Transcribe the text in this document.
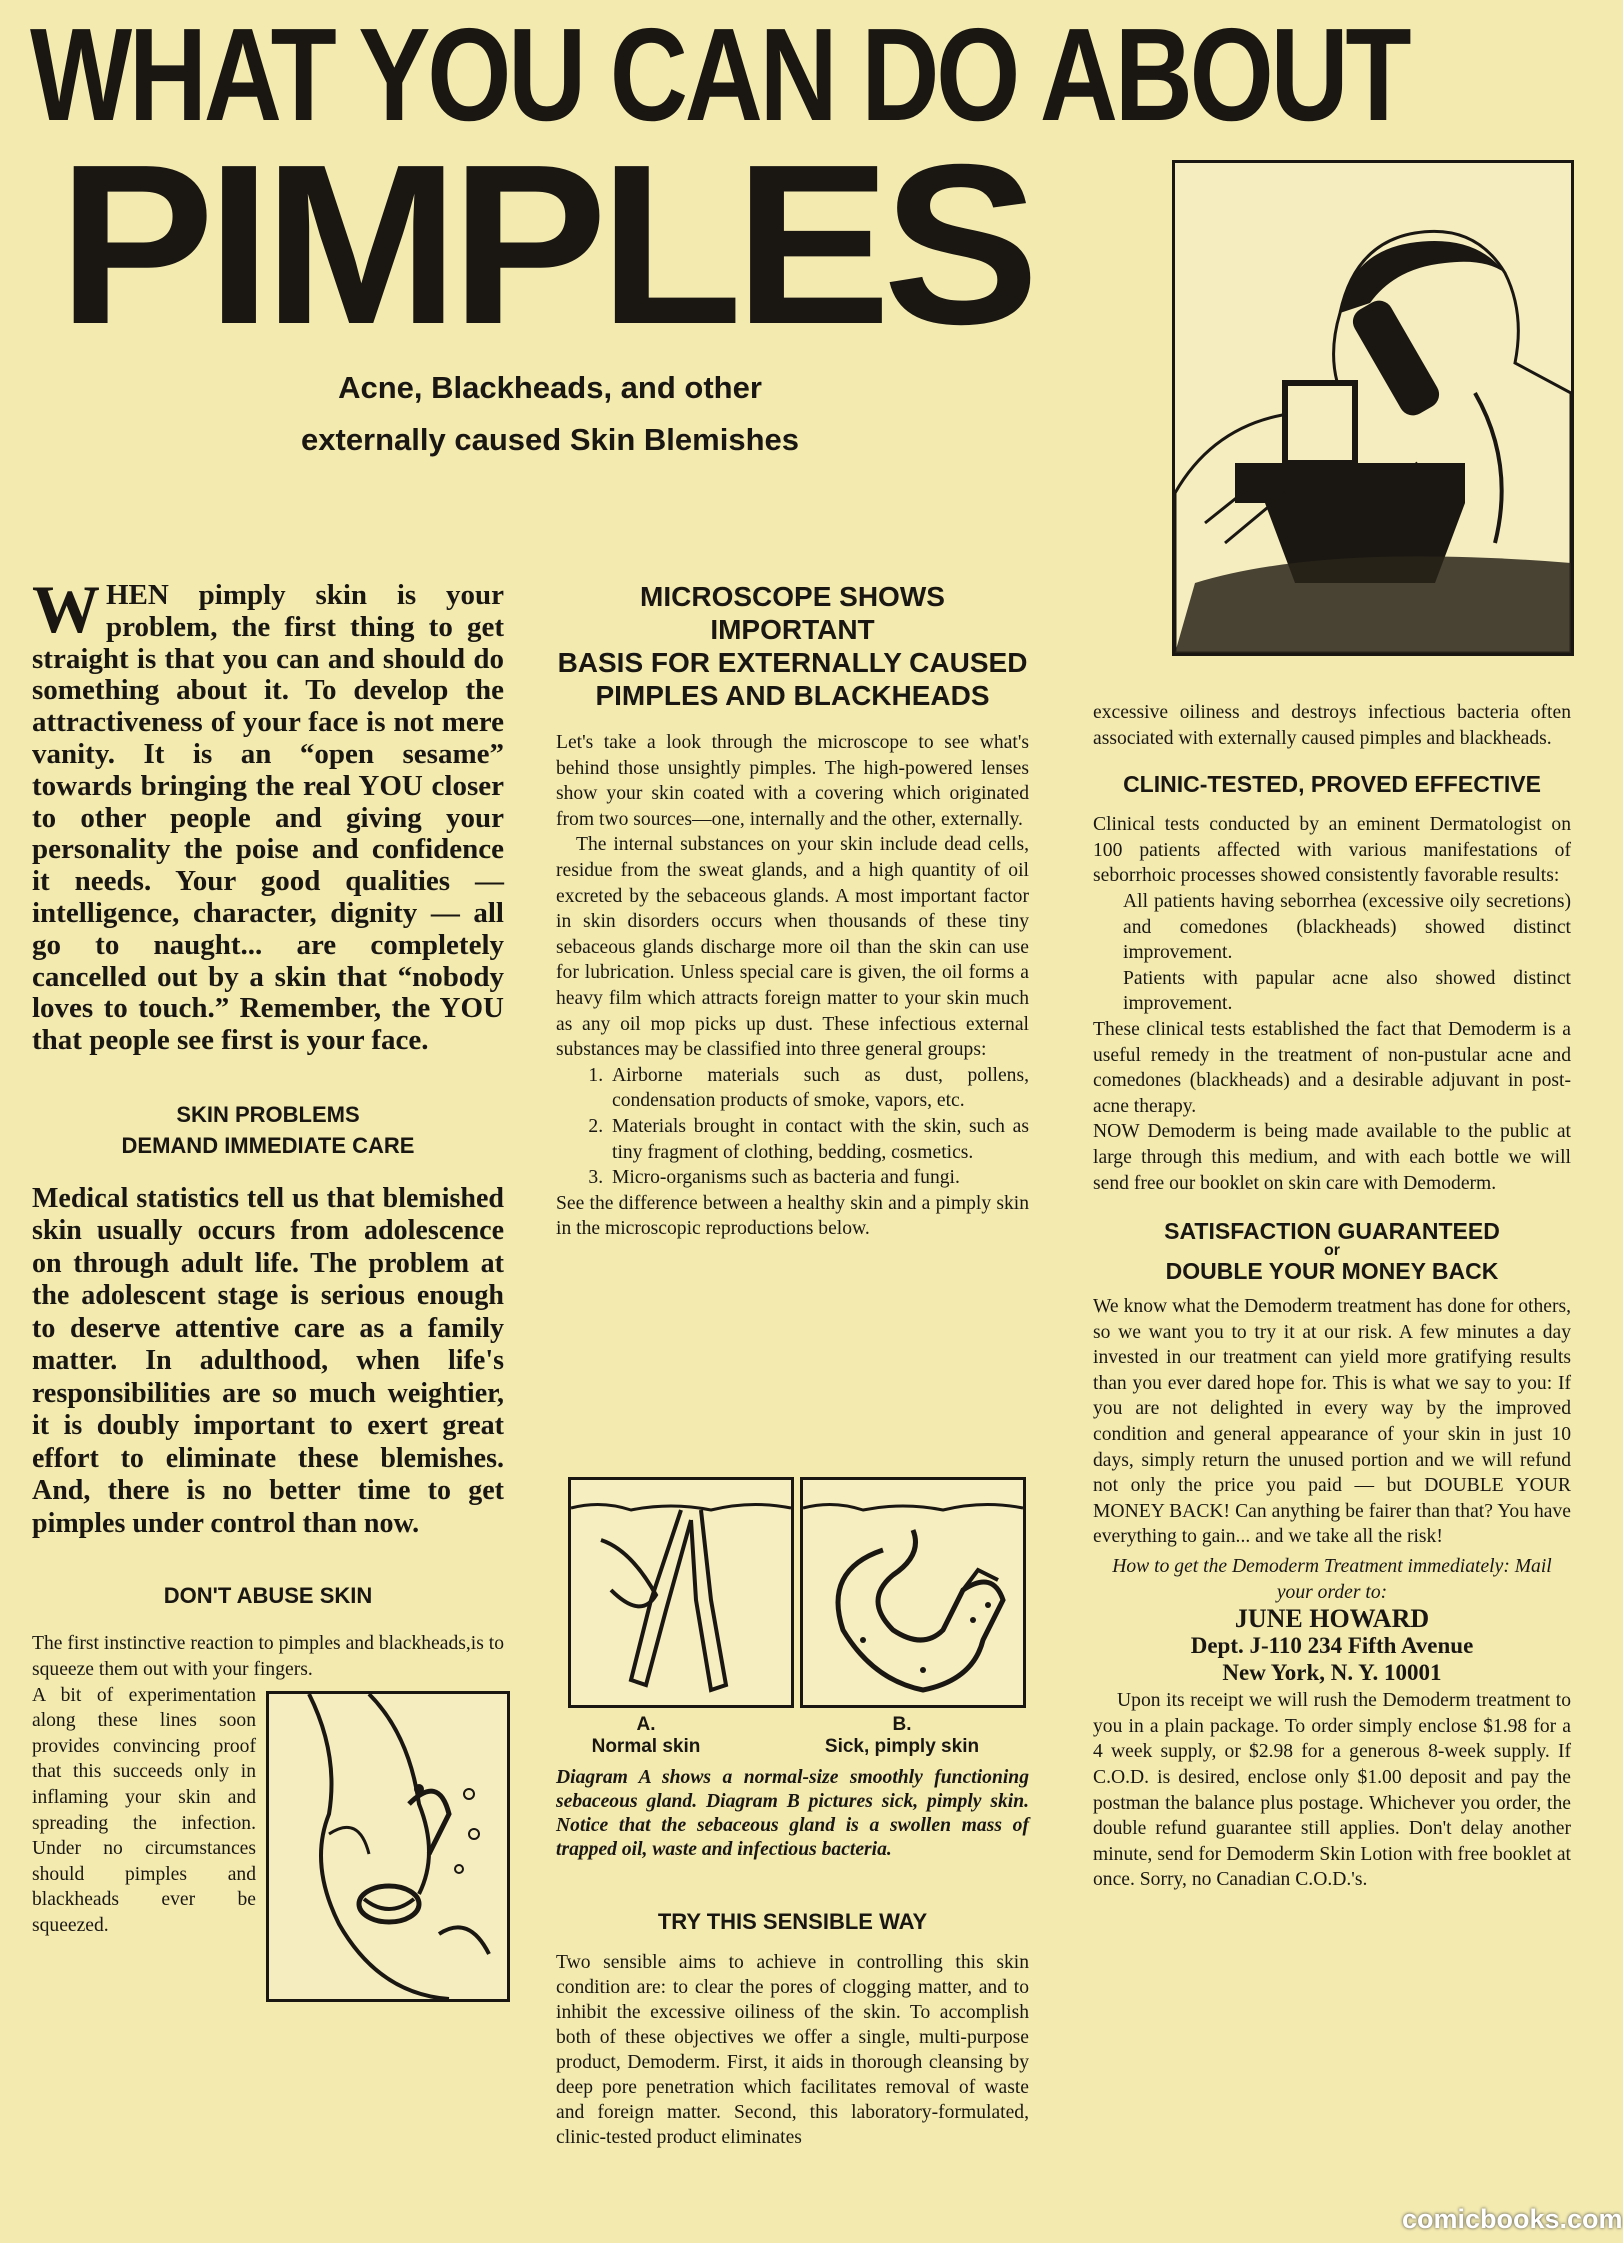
WHAT YOU CAN DO ABOUT
PIMPLES
Acne, Blackheads, and other
externally caused Skin Blemishes
WHEN pimply skin is your problem, the first thing to get straight is that you can and should do something about it. To develop the attractiveness of your face is not mere vanity. It is an “open sesame” towards bringing the real YOU closer to other people and giving your personality the poise and confidence it needs. Your good qualities — intelligence, character, dignity — all go to naught... are completely cancelled out by a skin that “nobody loves to touch.” Remember, the YOU that people see first is your face.
SKIN PROBLEMS
DEMAND IMMEDIATE CARE
Medical statistics tell us that blemished skin usually occurs from adolescence on through adult life. The problem at the adolescent stage is serious enough to deserve attentive care as a family matter. In adulthood, when life's responsibilities are so much weightier, it is doubly important to exert great effort to eliminate these blemishes. And, there is no better time to get pimples under control than now.
DON'T ABUSE SKIN
The first instinctive reaction to pimples and blackheads,is to squeeze them out with your fingers.
A bit of experimentation along these lines soon provides convincing proof that this succeeds only in inflaming your skin and spreading the infection. Under no circumstances should pimples and blackheads ever be squeezed.
MICROSCOPE SHOWS IMPORTANT
BASIS FOR EXTERNALLY CAUSED
PIMPLES AND BLACKHEADS
Let's take a look through the microscope to see what's behind those unsightly pimples. The high-powered lenses show your skin coated with a covering which originated from two sources—one, internally and the other, externally.
The internal substances on your skin include dead cells, residue from the sweat glands, and a high quantity of oil excreted by the sebaceous glands. A most important factor in skin disorders occurs when thousands of these tiny sebaceous glands discharge more oil than the skin can use for lubrication. Unless special care is given, the oil forms a heavy film which attracts foreign matter to your skin much as any oil mop picks up dust. These infectious external substances may be classified into three general groups:
1. Airborne materials such as dust, pollens, condensation products of smoke, vapors, etc.
2. Materials brought in contact with the skin, such as tiny fragment of clothing, bedding, cosmetics.
3. Micro-organisms such as bacteria and fungi.
See the difference between a healthy skin and a pimply skin in the microscopic reproductions below.
A.
Normal skin
B.
Sick, pimply skin
Diagram A shows a normal-size smoothly functioning sebaceous gland. Diagram B pictures sick, pimply skin. Notice that the sebaceous gland is a swollen mass of trapped oil, waste and infectious bacteria.
TRY THIS SENSIBLE WAY
Two sensible aims to achieve in controlling this skin condition are: to clear the pores of clogging matter, and to inhibit the excessive oiliness of the skin. To accomplish both of these objectives we offer a single, multi-purpose product, Demoderm. First, it aids in thorough cleansing by deep pore penetration which facilitates removal of waste and foreign matter. Second, this laboratory-formulated, clinic-tested product eliminates
excessive oiliness and destroys infectious bacteria often associated with externally caused pimples and blackheads.
CLINIC-TESTED, PROVED EFFECTIVE
Clinical tests conducted by an eminent Dermatologist on 100 patients affected with various manifestations of seborrhoic processes showed consistently favorable results:
All patients having seborrhea (excessive oily secretions) and comedones (blackheads) showed distinct improvement.
Patients with papular acne also showed distinct improvement.
These clinical tests established the fact that Demoderm is a useful remedy in the treatment of non-pustular acne and comedones (blackheads) and a desirable adjuvant in post-acne therapy.
NOW Demoderm is being made available to the public at large through this medium, and with each bottle we will send free our booklet on skin care with Demoderm.
SATISFACTION GUARANTEED
or
DOUBLE YOUR MONEY BACK
We know what the Demoderm treatment has done for others, so we want you to try it at our risk. A few minutes a day invested in our treatment can yield more gratifying results than you ever dared hope for. This is what we say to you: If you are not delighted in every way by the improved condition and general appearance of your skin in just 10 days, simply return the unused portion and we will refund not only the price you paid — but DOUBLE YOUR MONEY BACK! Can anything be fairer than that? You have everything to gain... and we take all the risk!
How to get the Demoderm Treatment immediately: Mail your order to:
JUNE HOWARD
Dept. J-110 234 Fifth Avenue
New York, N. Y. 10001
Upon its receipt we will rush the Demoderm treatment to you in a plain package. To order simply enclose $1.98 for a 4 week supply, or $2.98 for a generous 8-week supply. If C.O.D. is desired, enclose only $1.00 deposit and pay the postman the balance plus postage. Whichever you order, the double refund guarantee still applies. Don't delay another minute, send for Demoderm Skin Lotion with free booklet at once. Sorry, no Canadian C.O.D.'s.
comicbooks.com
